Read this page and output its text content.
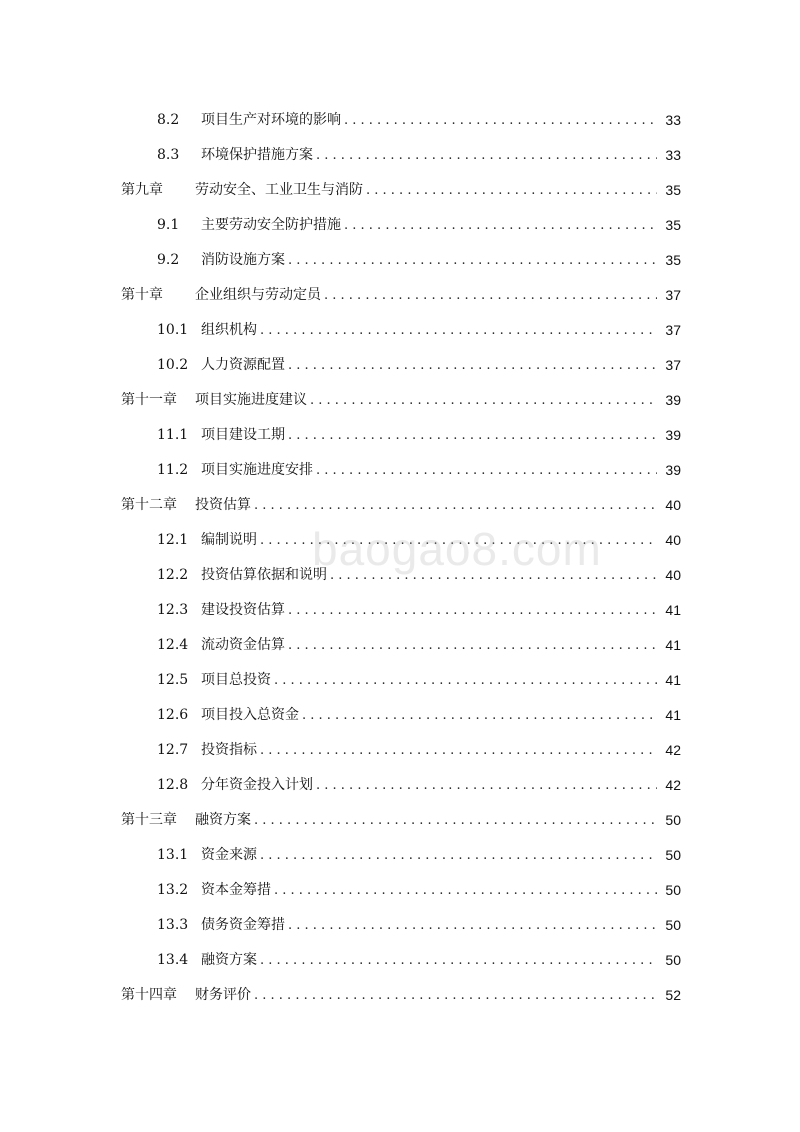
8.2	项目生产对环境的影响 . . .	33
8.3	环境保护措施方案 . . .	33
第九章	劳动安全、工业卫生与消防 . . .	35
9.1	主要劳动安全防护措施 . . .	35
9.2	消防设施方案 . . .	35
第十章	企业组织与劳动定员 . . .	37
10.1 组织机构 . . .	37
10.2 人力资源配置 . . .	37
第十一章 项目实施进度建议 . . .	39
11.1 项目建设工期 . . .	39
11.2 项目实施进度安排 . . .	39
第十二章 投资估算 . . .	40
12.1 编制说明 . . .	40
12.2 投资估算依据和说明 . . .	40
12.3 建设投资估算 . . .	41
12.4 流动资金估算 . . .	41
12.5 项目总投资 . . .	41
12.6 项目投入总资金 . . .	41
12.7 投资指标 . . .	42
12.8 分年资金投入计划 . . .	42
第十三章 融资方案 . . .	50
13.1 资金来源 . . .	50
13.2 资本金筹措 . . .	50
13.3 债务资金筹措 . . .	50
13.4 融资方案 . . .	50
第十四章 财务评价 . . .	52
baogao8.com
